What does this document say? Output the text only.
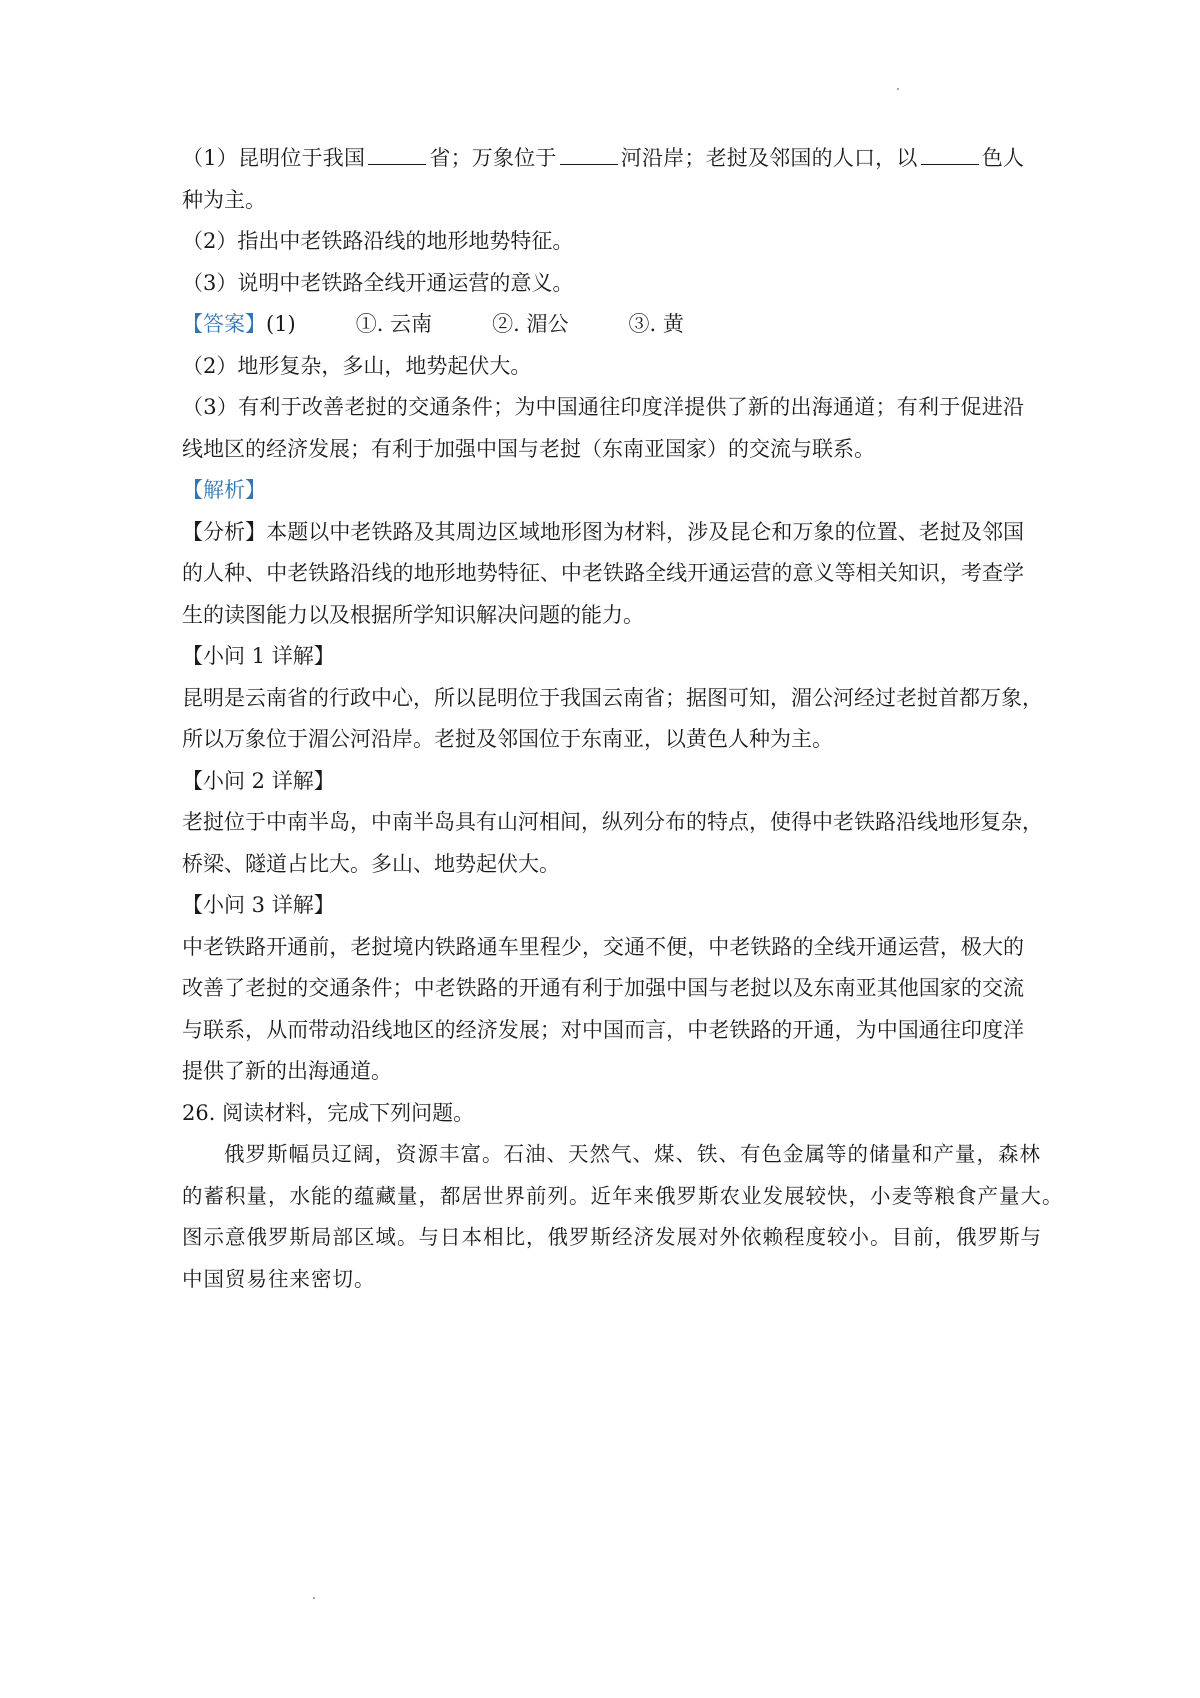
（1）昆明位于我国	省；万象位于	河沿岸；老挝及邻国的人口，以	色人
种为主。
（2）指出中老铁路沿线的地形地势特征。
（3）说明中老铁路全线开通运营的意义。
【答案】(1)	①. 云南	②. 湄公	③. 黄
（2）地形复杂，多山，地势起伏大。
（3）有利于改善老挝的交通条件；为中国通往印度洋提供了新的出海通道；有利于促进沿
线地区的经济发展；有利于加强中国与老挝（东南亚国家）的交流与联系。
【解析】
【分析】本题以中老铁路及其周边区域地形图为材料，涉及昆仑和万象的位置、老挝及邻国
的人种、中老铁路沿线的地形地势特征、中老铁路全线开通运营的意义等相关知识，考查学
生的读图能力以及根据所学知识解决问题的能力。
【小问 1 详解】
昆明是云南省的行政中心，所以昆明位于我国云南省；据图可知，湄公河经过老挝首都万象，
所以万象位于湄公河沿岸。老挝及邻国位于东南亚，以黄色人种为主。
【小问 2 详解】
老挝位于中南半岛，中南半岛具有山河相间，纵列分布的特点，使得中老铁路沿线地形复杂，
桥梁、隧道占比大。多山、地势起伏大。
【小问 3 详解】
中老铁路开通前，老挝境内铁路通车里程少，交通不便，中老铁路的全线开通运营，极大的
改善了老挝的交通条件；中老铁路的开通有利于加强中国与老挝以及东南亚其他国家的交流
与联系，从而带动沿线地区的经济发展；对中国而言，中老铁路的开通，为中国通往印度洋
提供了新的出海通道。
26. 阅读材料，完成下列问题。
俄罗斯幅员辽阔，资源丰富。石油、天然气、煤、铁、有色金属等的储量和产量，森林
的蓄积量，水能的蕴藏量，都居世界前列。近年来俄罗斯农业发展较快，小麦等粮食产量大。
图示意俄罗斯局部区域。与日本相比，俄罗斯经济发展对外依赖程度较小。目前，俄罗斯与
中国贸易往来密切。
